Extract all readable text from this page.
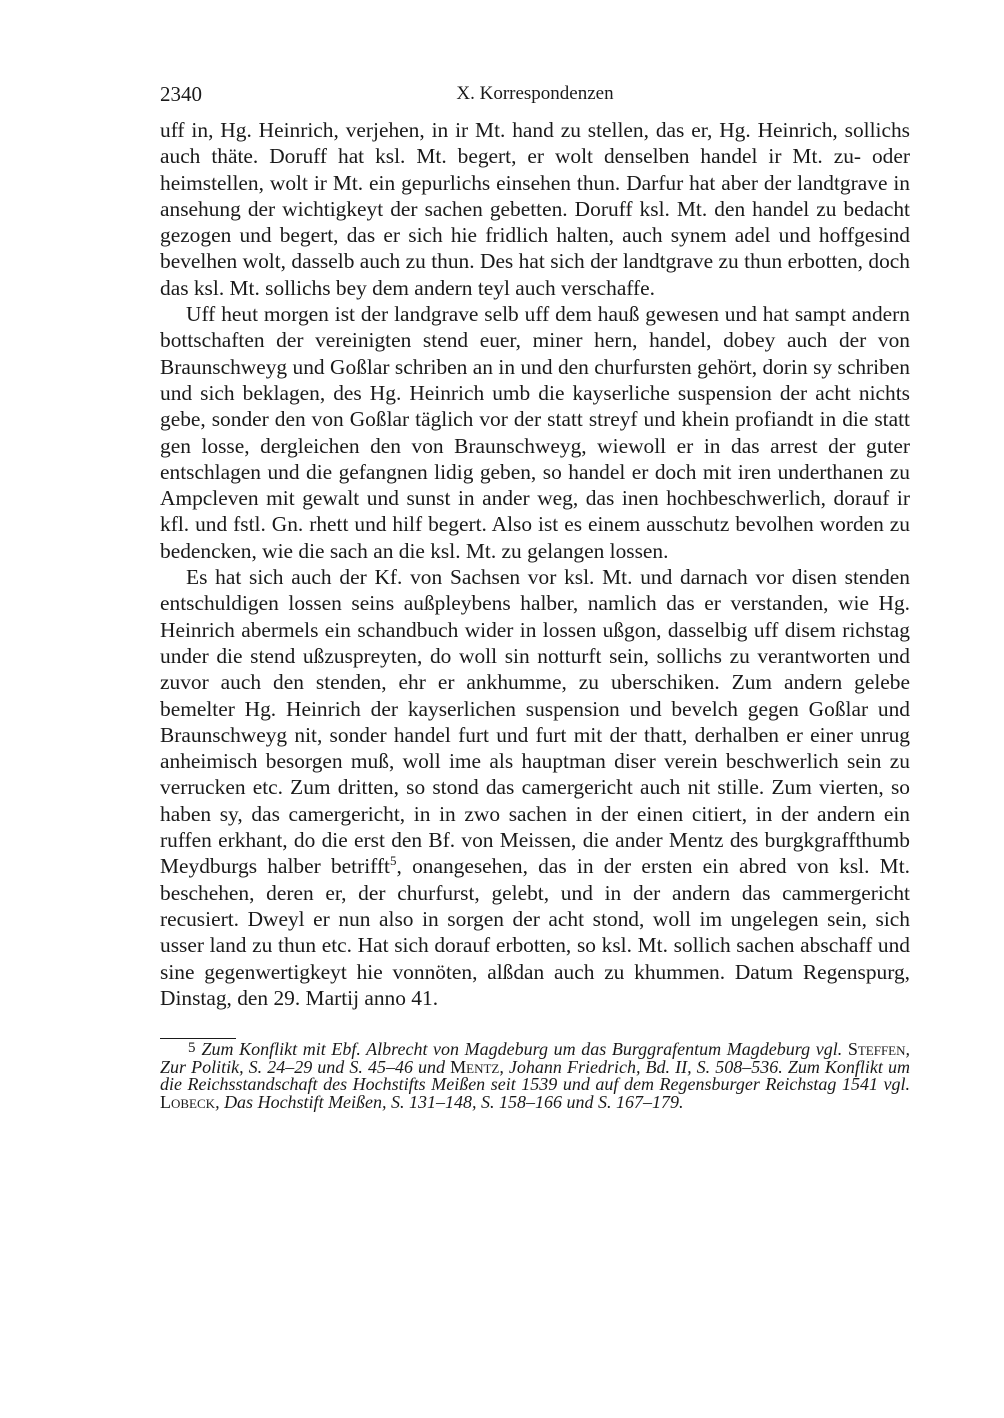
2340	X. Korrespondenzen

uff in, Hg. Heinrich, verjehen, in ir Mt. hand zu stellen, das er, Hg. Heinrich, sollichs auch thäte. Doruff hat ksl. Mt. begert, er wolt denselben handel ir Mt. zu- oder heimstellen, wolt ir Mt. ein gepurlichs einsehen thun. Darfur hat aber der landtgrave in ansehung der wichtigkeyt der sachen gebetten. Doruff ksl. Mt. den handel zu bedacht gezogen und begert, das er sich hie fridlich halten, auch synem adel und hoffgesind bevelhen wolt, dasselb auch zu thun. Des hat sich der landtgrave zu thun erbotten, doch das ksl. Mt. sollichs bey dem andern teyl auch verschaffe.

Uff heut morgen ist der landgrave selb uff dem hauß gewesen und hat sampt andern bottschaften der vereinigten stend euer, miner hern, handel, dobey auch der von Braunschweyg und Goßlar schriben an in und den churfursten gehört, dorin sy schriben und sich beklagen, des Hg. Heinrich umb die kayserliche suspension der acht nichts gebe, sonder den von Goßlar täglich vor der statt streyf und khein profiandt in die statt gen losse, dergleichen den von Braunschweyg, wiewoll er in das arrest der guter entschlagen und die gefangnen lidig geben, so handel er doch mit iren underthanen zu Ampcleven mit gewalt und sunst in ander weg, das inen hochbeschwerlich, dorauf ir kfl. und fstl. Gn. rhett und hilf begert. Also ist es einem ausschutz bevolhen worden zu bedencken, wie die sach an die ksl. Mt. zu gelangen lossen.

Es hat sich auch der Kf. von Sachsen vor ksl. Mt. und darnach vor disen stenden entschuldigen lossen seins außpleybens halber, namlich das er verstanden, wie Hg. Heinrich abermels ein schandbuch wider in lossen ußgon, dasselbig uff disem richstag under die stend ußzuspreyten, do woll sin notturft sein, sollichs zu verantworten und zuvor auch den stenden, ehr er ankhumme, zu uberschiken. Zum andern gelebe bemelter Hg. Heinrich der kayserlichen suspension und bevelch gegen Goßlar und Braunschweyg nit, sonder handel furt und furt mit der thatt, derhalben er einer unrug anheimisch besorgen muß, woll ime als hauptman diser verein beschwerlich sein zu verrucken etc. Zum dritten, so stond das camergericht auch nit stille. Zum vierten, so haben sy, das camergericht, in in zwo sachen in der einen citiert, in der andern ein ruffen erkhant, do die erst den Bf. von Meissen, die ander Mentz des burgkgraffthumb Meydburgs halber betrifft$^5$, onangesehen, das in der ersten ein abred von ksl. Mt. beschehen, deren er, der churfurst, gelebt, und in der andern das cammergericht recusiert. Dweyl er nun also in sorgen der acht stond, woll im ungelegen sein, sich usser land zu thun etc. Hat sich dorauf erbotten, so ksl. Mt. sollich sachen abschaff und sine gegenwertigkeyt hie vonnöten, alßdan auch zu khummen. Datum Regenspurg, Dinstag, den 29. Martij anno 41.

5 Zum Konflikt mit Ebf. Albrecht von Magdeburg um das Burggrafentum Magdeburg vgl. Steffen, Zur Politik, S. 24–29 und S. 45–46 und Mentz, Johann Friedrich, Bd. II, S. 508–536. Zum Konflikt um die Reichsstandschaft des Hochstifts Meißen seit 1539 und auf dem Regensburger Reichstag 1541 vgl. Lobeck, Das Hochstift Meißen, S. 131–148, S. 158–166 und S. 167–179.
